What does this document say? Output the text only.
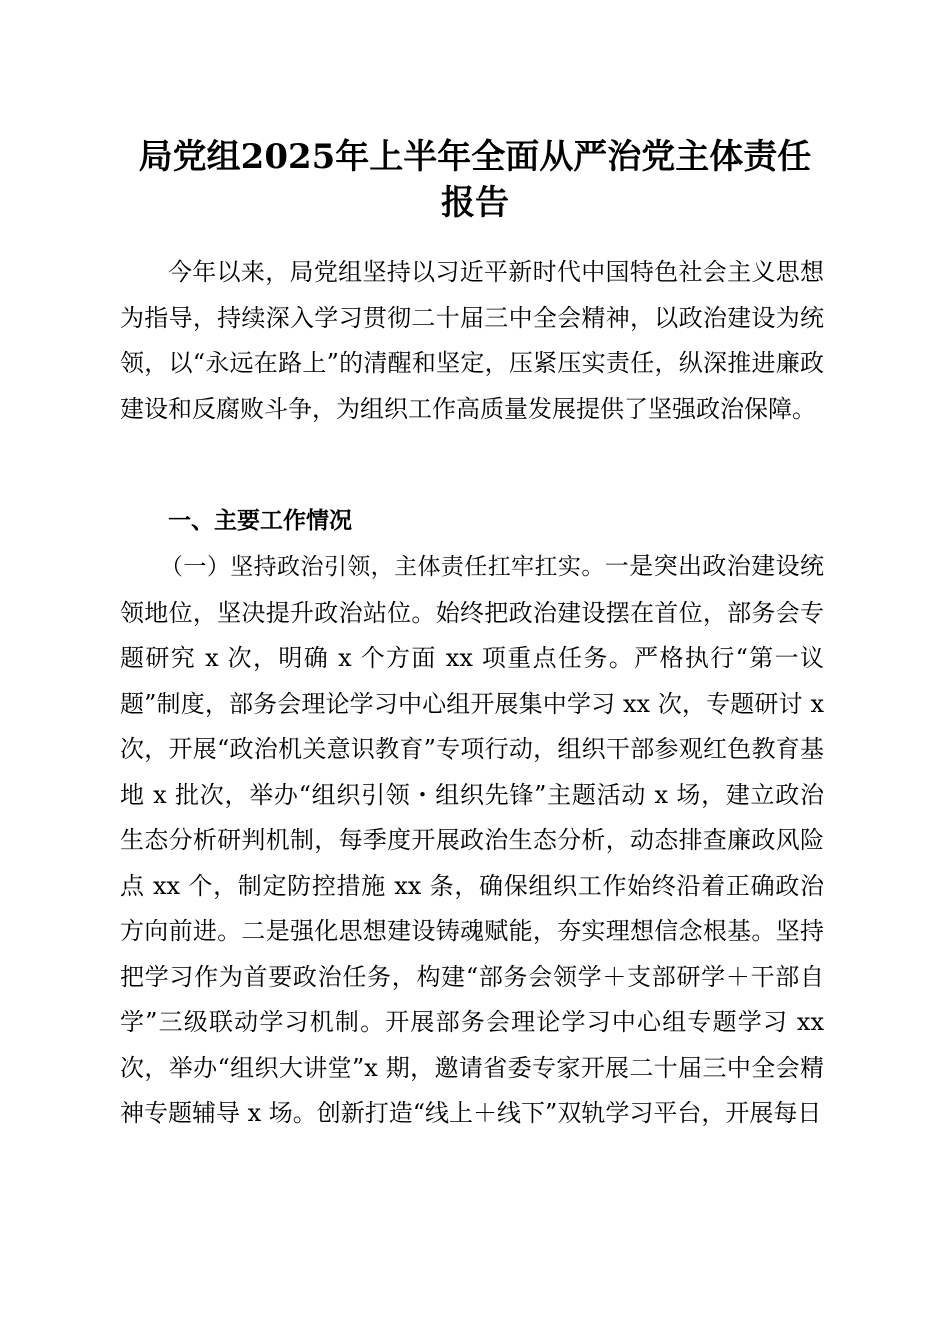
局党组2025年上半年全面从严治党主体责任
报告

今年以来，局党组坚持以习近平新时代中国特色社会主义思想为指导，持续深入学习贯彻二十届三中全会精神，以政治建设为统领，以“永远在路上”的清醒和坚定，压紧压实责任，纵深推进廉政建设和反腐败斗争，为组织工作高质量发展提供了坚强政治保障。

一、主要工作情况

（一）坚持政治引领，主体责任扛牢扛实。一是突出政治建设统领地位，坚决提升政治站位。始终把政治建设摆在首位，部务会专题研究 x 次，明确 x 个方面 xx 项重点任务。严格执行“第一议题”制度，部务会理论学习中心组开展集中学习 xx 次，专题研讨 x 次，开展“政治机关意识教育”专项行动，组织干部参观红色教育基地 x 批次，举办“组织引领・组织先锋”主题活动 x 场，建立政治生态分析研判机制，每季度开展政治生态分析，动态排查廉政风险点 xx 个，制定防控措施 xx 条，确保组织工作始终沿着正确政治方向前进。二是强化思想建设铸魂赋能，夯实理想信念根基。坚持把学习作为首要政治任务，构建“部务会领学＋支部研学＋干部自学”三级联动学习机制。开展部务会理论学习中心组专题学习 xx 次，举办“组织大讲堂”x 期，邀请省委专家开展二十届三中全会精神专题辅导 x 场。创新打造“线上＋线下”双轨学习平台，开展每日
